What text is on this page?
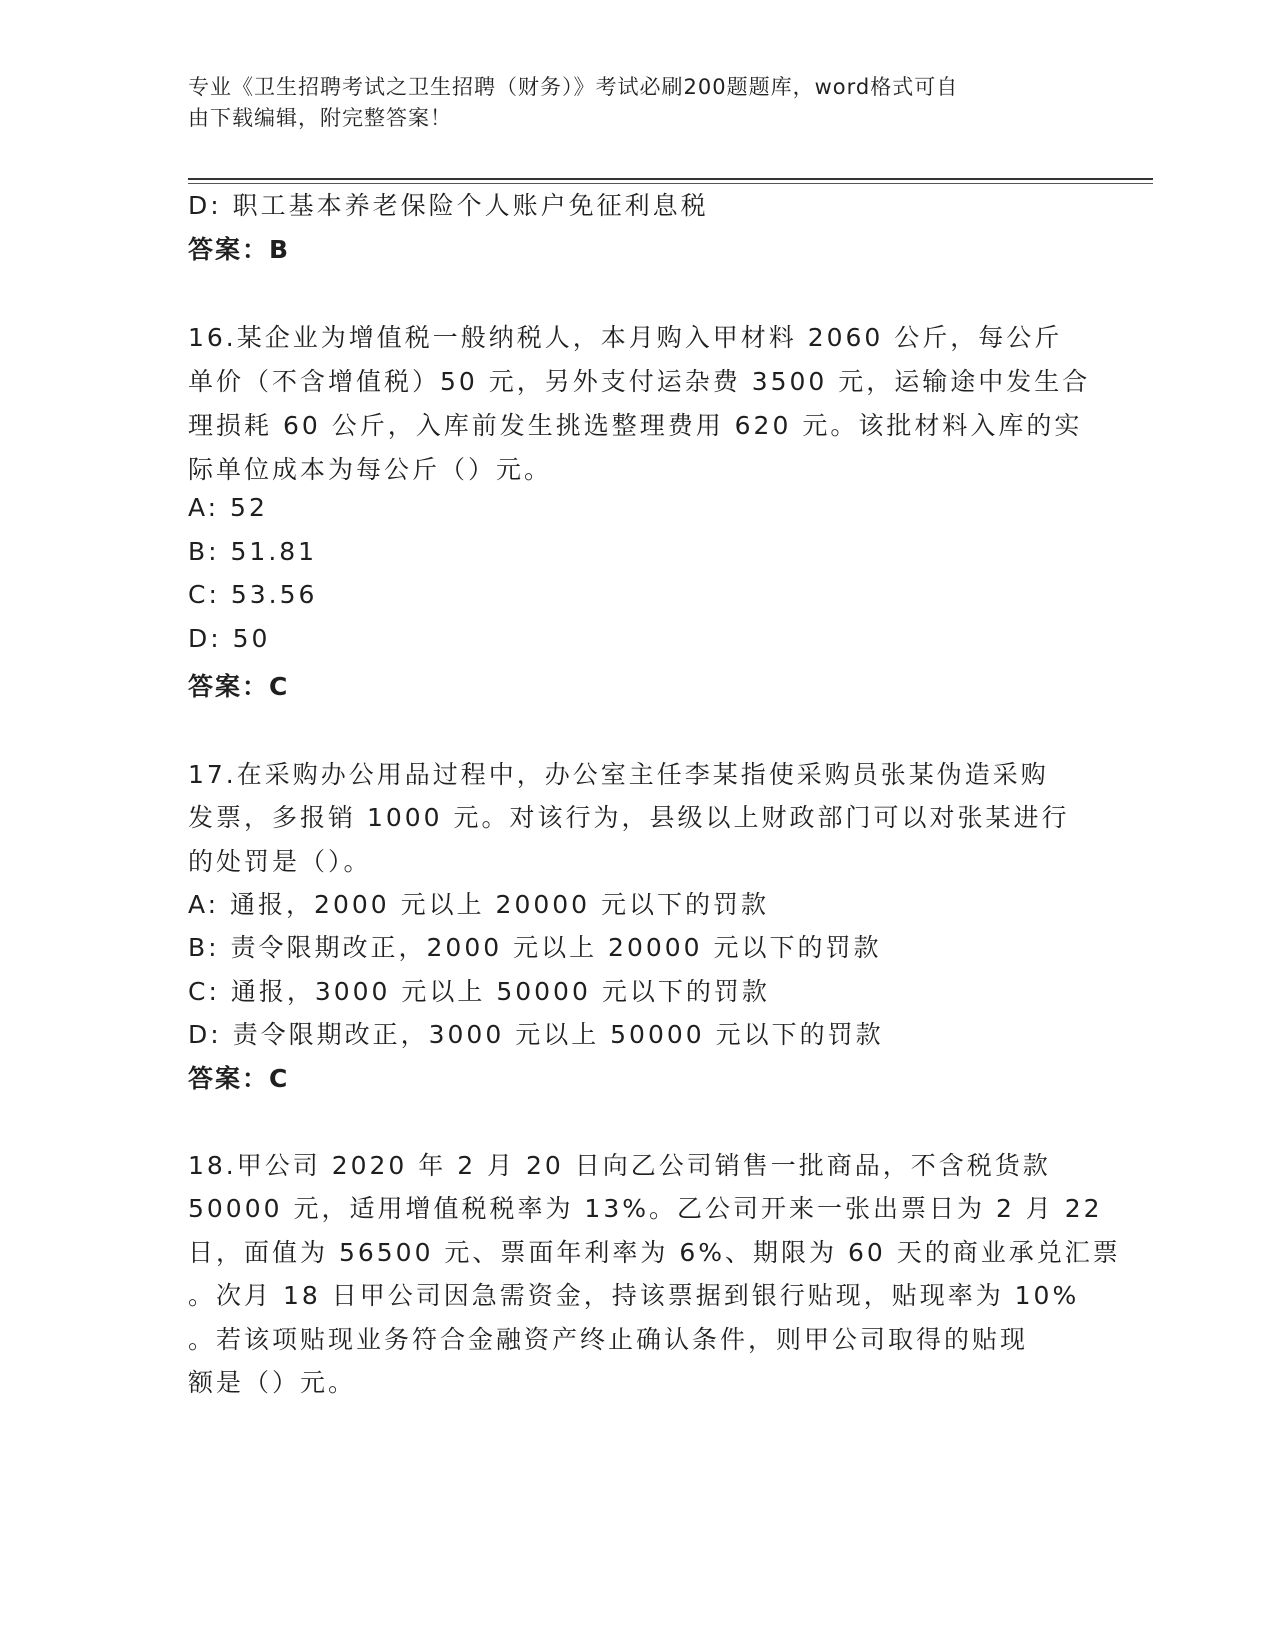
专业《卫生招聘考试之卫生招聘（财务）》考试必刷200题题库，word格式可自
由下载编辑，附完整答案！
D: 职工基本养老保险个人账户免征利息税
答案：B
16.某企业为增值税一般纳税人，本月购入甲材料 2060 公斤，每公斤
单价（不含增值税）50 元，另外支付运杂费 3500 元，运输途中发生合
理损耗 60 公斤，入库前发生挑选整理费用 620 元。该批材料入库的实
际单位成本为每公斤（）元。
A: 52
B: 51.81
C: 53.56
D: 50
答案：C
17.在采购办公用品过程中，办公室主任李某指使采购员张某伪造采购
发票，多报销 1000 元。对该行为，县级以上财政部门可以对张某进行
的处罚是（）。
A: 通报，2000 元以上 20000 元以下的罚款
B: 责令限期改正，2000 元以上 20000 元以下的罚款
C: 通报，3000 元以上 50000 元以下的罚款
D: 责令限期改正，3000 元以上 50000 元以下的罚款
答案：C
18.甲公司 2020 年 2 月 20 日向乙公司销售一批商品，不含税货款
50000 元，适用增值税税率为 13%。乙公司开来一张出票日为 2 月 22
日，面值为 56500 元、票面年利率为 6%、期限为 60 天的商业承兑汇票
。次月 18 日甲公司因急需资金，持该票据到银行贴现，贴现率为 10%
。若该项贴现业务符合金融资产终止确认条件，则甲公司取得的贴现
额是（）元。
